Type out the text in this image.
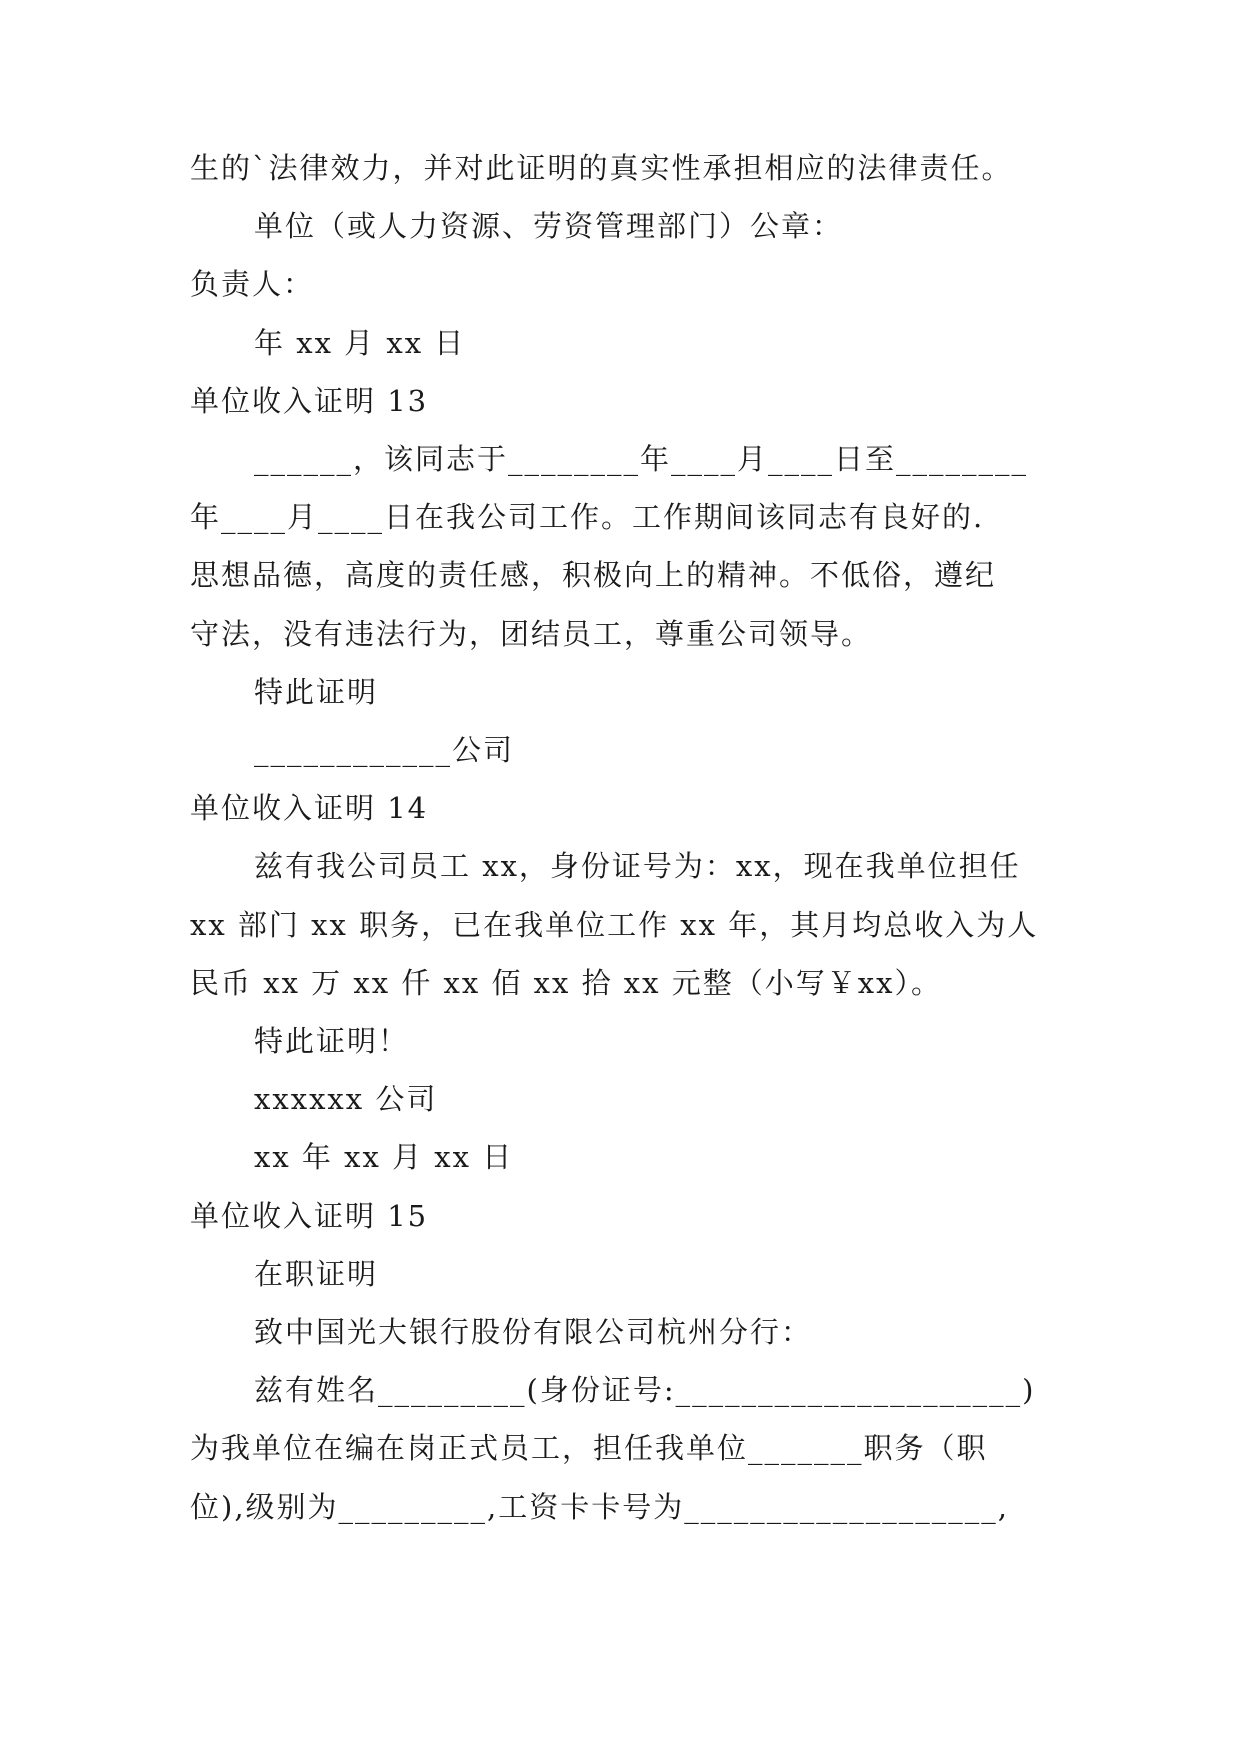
生的`法律效力，并对此证明的真实性承担相应的法律责任。
单位（或人力资源、劳资管理部门）公章：
负责人：
年 xx 月 xx 日
单位收入证明 13
______，该同志于________年____月____日至________
年____月____日在我公司工作。工作期间该同志有良好的.
思想品德，高度的责任感，积极向上的精神。不低俗，遵纪
守法，没有违法行为，团结员工，尊重公司领导。
特此证明
____________公司
单位收入证明 14
兹有我公司员工 xx，身份证号为：xx，现在我单位担任
xx 部门 xx 职务，已在我单位工作 xx 年，其月均总收入为人
民币 xx 万 xx 仟 xx 佰 xx 拾 xx 元整（小写￥xx）。
特此证明！
xxxxxx 公司
xx 年 xx 月 xx 日
单位收入证明 15
在职证明
致中国光大银行股份有限公司杭州分行：
兹有姓名_________(身份证号:_____________________)
为我单位在编在岗正式员工，担任我单位_______职务（职
位),级别为_________,工资卡卡号为___________________,
